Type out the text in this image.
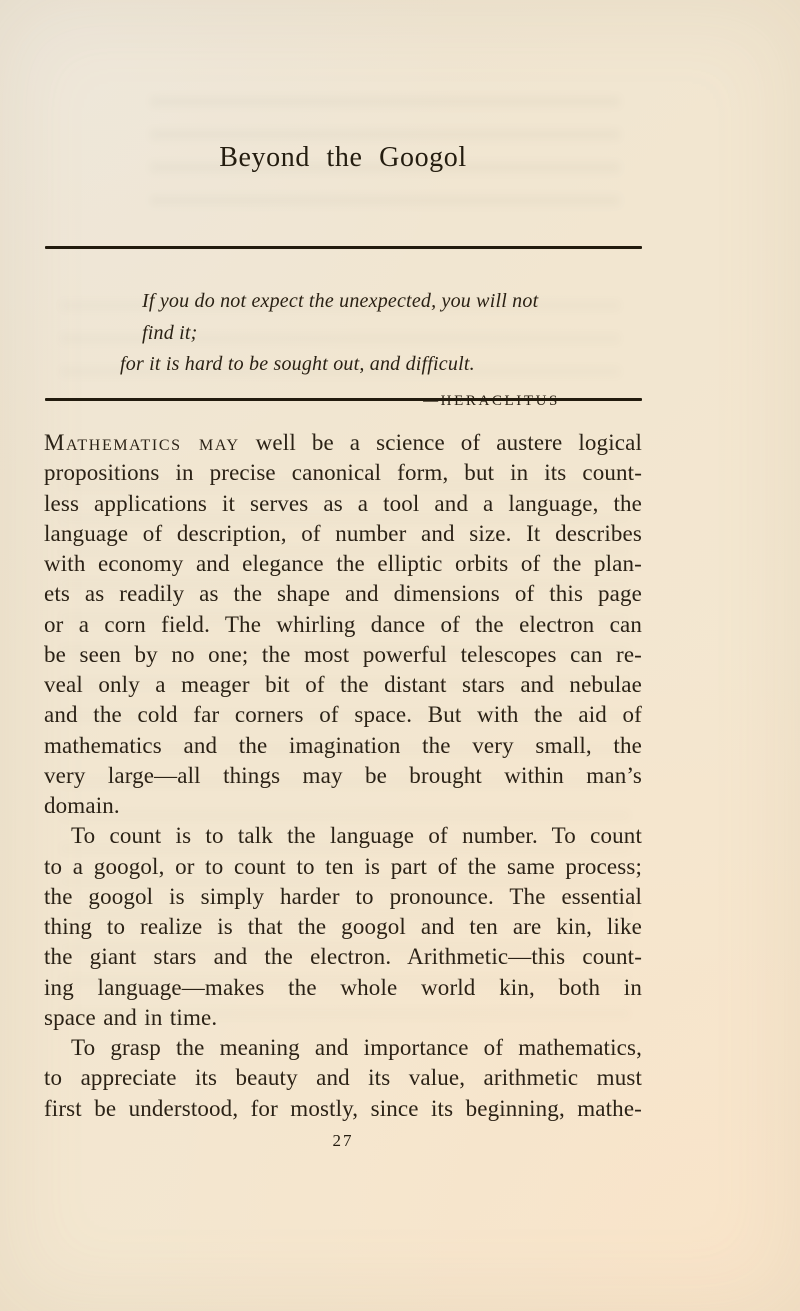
Beyond the Googol
If you do not expect the unexpected, you will not find it;
for it is hard to be sought out, and difficult.
Mathematics may well be a science of austere logical
propositions in precise canonical form, but in its count-
less applications it serves as a tool and a language, the
language of description, of number and size. It describes
with economy and elegance the elliptic orbits of the plan-
ets as readily as the shape and dimensions of this page
or a corn field. The whirling dance of the electron can
be seen by no one; the most powerful telescopes can re-
veal only a meager bit of the distant stars and nebulae
and the cold far corners of space. But with the aid of
mathematics and the imagination the very small, the
very large—all things may be brought within man’s
domain.
To count is to talk the language of number. To count
to a googol, or to count to ten is part of the same process;
the googol is simply harder to pronounce. The essential
thing to realize is that the googol and ten are kin, like
the giant stars and the electron. Arithmetic—this count-
ing language—makes the whole world kin, both in
space and in time.
To grasp the meaning and importance of mathematics,
to appreciate its beauty and its value, arithmetic must
first be understood, for mostly, since its beginning, mathe-
27
